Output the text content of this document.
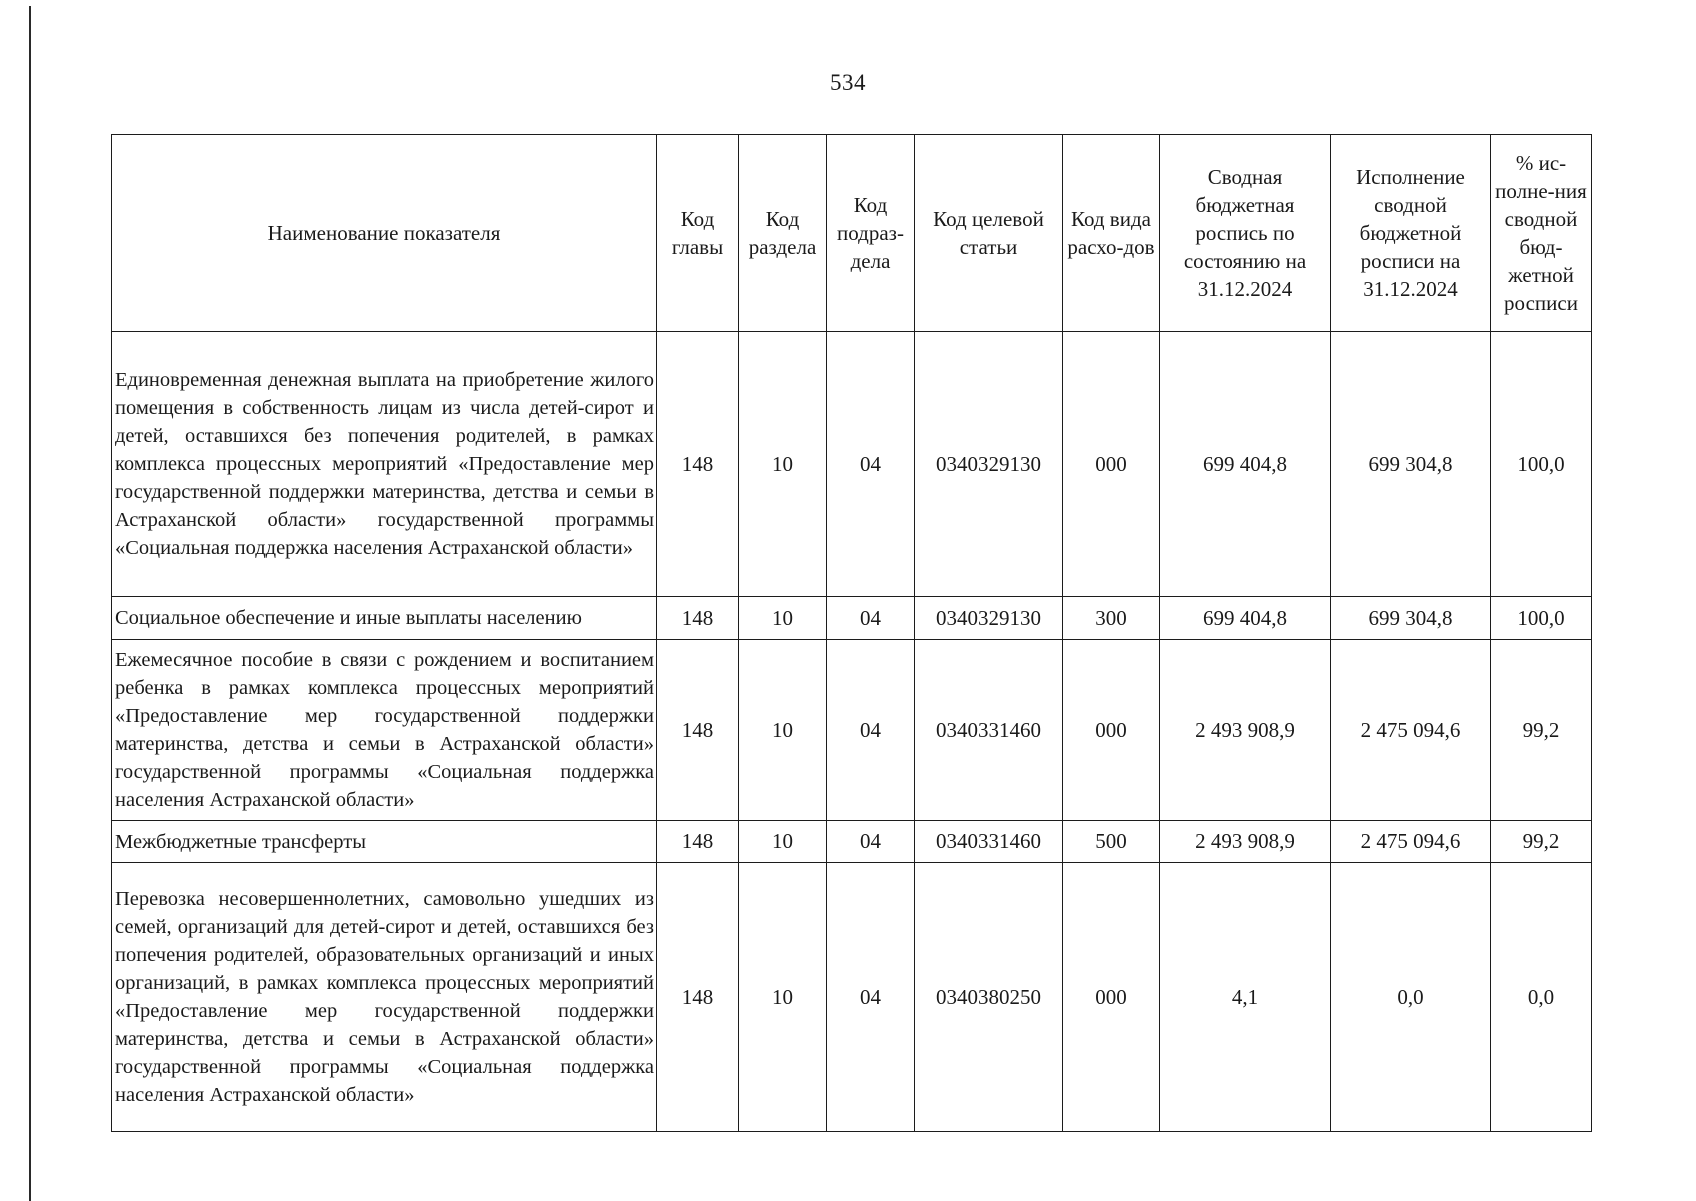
534
Наименование показателя	Код главы	Код раздела	Код подраз-дела	Код целевой статьи	Код вида расхо-дов	Сводная бюджетная роспись по состоянию на 31.12.2024	Исполнение сводной бюджетной росписи на 31.12.2024	% ис-полне-ния сводной бюд-жетной росписи
Единовременная денежная выплата на приобретение жилого помещения в собственность лицам из числа детей-сирот и детей, оставшихся без попечения родителей, в рамках комплекса процессных мероприятий «Предоставление мер государственной поддержки материнства, детства и семьи в Астраханской области» государственной программы «Социальная поддержка населения Астраханской области»	148	10	04	0340329130	000	699 404,8	699 304,8	100,0
Социальное обеспечение и иные выплаты населению	148	10	04	0340329130	300	699 404,8	699 304,8	100,0
Ежемесячное пособие в связи с рождением и воспитанием ребенка в рамках комплекса процессных мероприятий «Предоставление мер государственной поддержки материнства, детства и семьи в Астраханской области» государственной программы «Социальная поддержка населения Астраханской области»	148	10	04	0340331460	000	2 493 908,9	2 475 094,6	99,2
Межбюджетные трансферты	148	10	04	0340331460	500	2 493 908,9	2 475 094,6	99,2
Перевозка несовершеннолетних, самовольно ушедших из семей, организаций для детей-сирот и детей, оставшихся без попечения родителей, образовательных организаций и иных организаций, в рамках комплекса процессных мероприятий «Предоставление мер государственной поддержки материнства, детства и семьи в Астраханской области» государственной программы «Социальная поддержка населения Астраханской области»	148	10	04	0340380250	000	4,1	0,0	0,0
